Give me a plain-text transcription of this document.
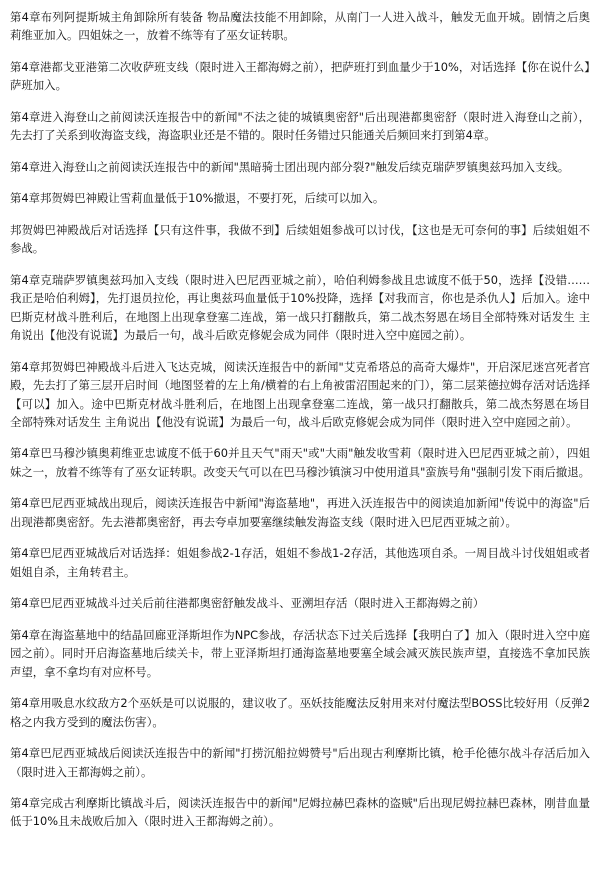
第4章布列阿提斯城主角卸除所有装备 物品魔法技能不用卸除，从南门一人进入战斗，触发无血开城。剧情之后奥莉维亚加入。四姐妹之一，放着不练等有了巫女证转职。

第4章港都戈亚港第二次收萨班支线（限时进入王都海姆之前），把萨班打到血量少于10%，对话选择【你在说什么】萨班加入。

第4章进入海登山之前阅读沃连报告中的新闻"不法之徒的城镇奥密舒"后出现港都奥密舒（限时进入海登山之前），先去打了关系到收海盗支线，海盗职业还是不错的。限时任务错过只能通关后频回来打到第4章。

第4章进入海登山之前阅读沃连报告中的新闻"黑暗骑士团出现内部分裂?"触发后续克瑞萨罗镇奥兹玛加入支线。

第4章邦贺姆巴神殿让雪莉血量低于10%撤退，不要打死，后续可以加入。

邦贺姆巴神殿战后对话选择【只有这件事，我做不到】后续姐姐参战可以讨伐，【这也是无可奈何的事】后续姐姐不参战。

第4章克瑞萨罗镇奥兹玛加入支线（限时进入巴尼西亚城之前），哈伯利姆参战且忠诚度不低于50，选择【没错……我正是哈伯利姆】，先打退员拉伦，再让奥兹玛血量低于10%投降，选择【对我而言，你也是杀仇人】后加入。途中巴斯克材战斗胜利后，在地图上出现拿登塞二连战，第一战只打翻散兵，第二战杰努恩在场目全部特殊对话发生 主角说出【他没有说谎】为最后一句，战斗后欧克修妮会成为同伴（限时进入空中庭园之前）。

第4章邦贺姆巴神殿战斗后进入飞达克城，阅读沃连报告中的新闻"艾克希塔总的高奇大爆炸"，开启深尼迷宫死者宫殿，先去打了第三层开启时间（地图竖着的左上角/横着的右上角被雷沼围起来的门），第二层莱德拉姆存活对话选择【可以】加入。途中巴斯克材战斗胜利后，在地图上出现拿登塞二连战，第一战只打翻散兵，第二战杰努恩在场目全部特殊对话发生 主角说出【他没有说谎】为最后一句，战斗后欧克修妮会成为同伴（限时进入空中庭园之前）。

第4章巴马穆沙镇奥莉维亚忠诚度不低于60并且天气"雨天"或"大雨"触发收雪莉（限时进入巴尼西亚城之前），四姐妹之一，放着不练等有了巫女证转职。改变天气可以在巴马穆沙镇演习中使用道具"蛮族号角"强制引发下雨后撤退。

第4章巴尼西亚城战出现后，阅读沃连报告中新闻"海盗墓地"，再进入沃连报告中的阅读追加新闻"传说中的海盗"后出现港都奥密舒。先去港都奥密舒，再去夸卓加要塞继续触发海盗支线（限时进入巴尼西亚城之前）。

第4章巴尼西亚城战后对话选择：姐姐参战2-1存活，姐姐不参战1-2存活，其他选项自杀。一周目战斗讨伐姐姐或者姐姐自杀，主角转君主。

第4章巴尼西亚城战斗过关后前往港都奥密舒触发战斗、亚溯坦存活（限时进入王都海姆之前）

第4章在海盗墓地中的结晶回廊亚泽斯坦作为NPC参战，存活状态下过关后选择【我明白了】加入（限时进入空中庭园之前）。同时开启海盗墓地后续关卡，带上亚泽斯坦打通海盗墓地要塞全域会减灭族民族声望，直接选不拿加民族声望，拿不拿均有对应杯号。

第4章用吸息水纹敌方2个巫妖是可以说服的，建议收了。巫妖技能魔法反射用来对付魔法型BOSS比较好用（反弹2格之内我方受到的魔法伤害）。

第4章巴尼西亚城战后阅读沃连报告中的新闻"打捞沉船拉姆赞号"后出现古利摩斯比镇，枪手伦德尔战斗存活后加入（限时进入王都海姆之前）。

第4章完成古利摩斯比镇战斗后，阅读沃连报告中的新闻"尼姆拉赫巴森林的盗贼"后出现尼姆拉赫巴森林，刚昔血量低于10%且未战败后加入（限时进入王都海姆之前）。
